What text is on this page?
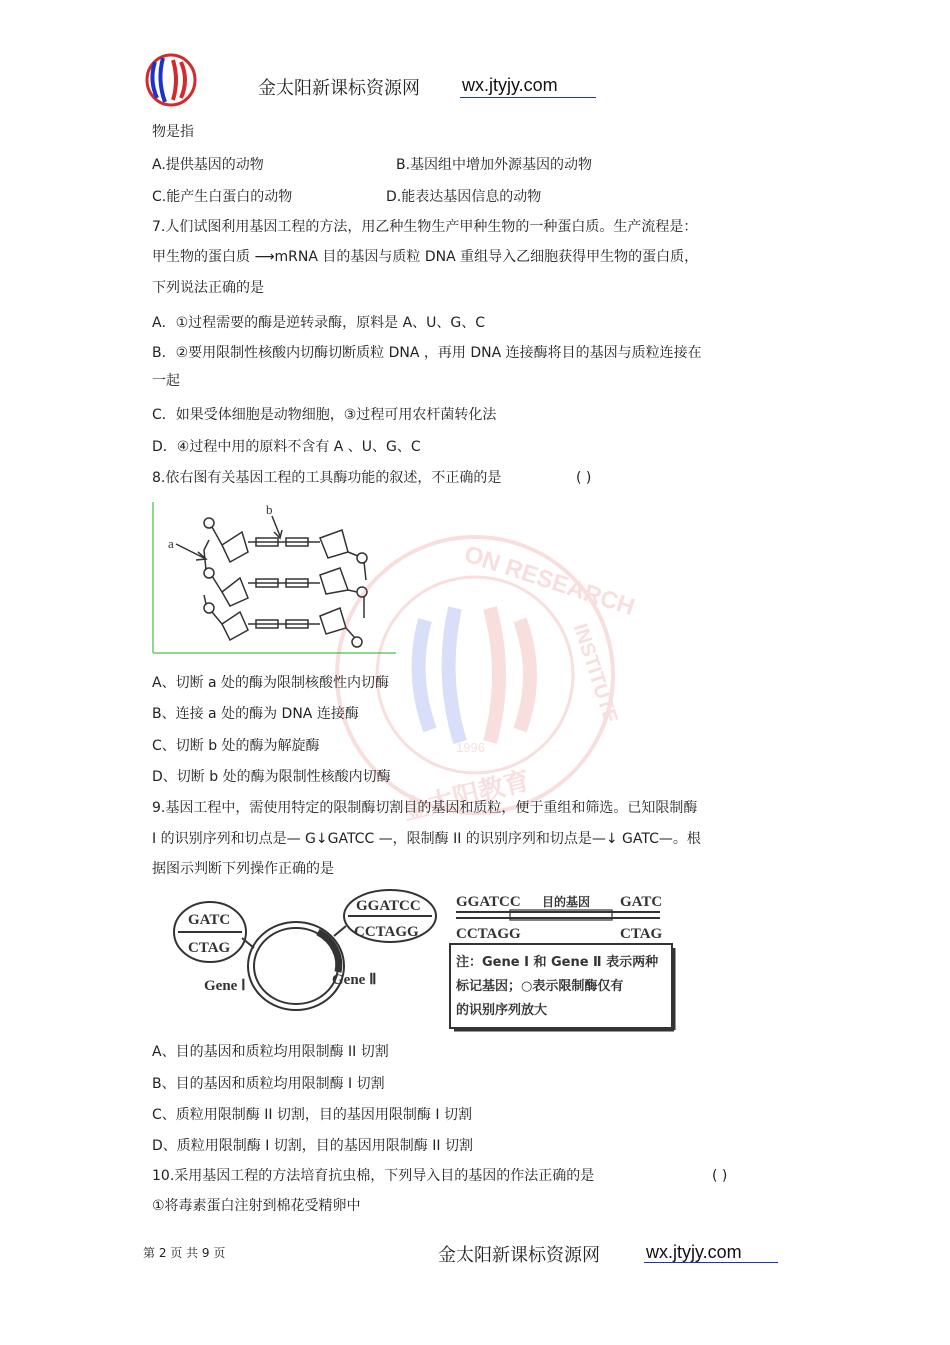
金太阳新课标资源网 wx.jtyjy.com
物是指
A.提供基因的动物	B.基因组中增加外源基因的动物
C.能产生白蛋白的动物	D.能表达基因信息的动物
7.人们试图利用基因工程的方法，用乙种生物生产甲种生物的一种蛋白质。生产流程是：
甲生物的蛋白质 ⟶mRNA 目的基因与质粒 DNA 重组导入乙细胞获得甲生物的蛋白质，
下列说法正确的是
A．①过程需要的酶是逆转录酶，原料是 A、U、G、C
B．②要用限制性核酸内切酶切断质粒 DNA ，再用 DNA 连接酶将目的基因与质粒连接在
一起
C．如果受体细胞是动物细胞，③过程可用农杆菌转化法
D．④过程中用的原料不含有 A 、U、G、C
8.依右图有关基因工程的工具酶功能的叙述，不正确的是	( )
a
b
ON RESEARCH
INSTITUTE
1996
金太阳教育
A、切断 a 处的酶为限制核酸性内切酶
B、连接 a 处的酶为 DNA 连接酶
C、切断 b 处的酶为解旋酶
D、切断 b 处的酶为限制性核酸内切酶
9.基因工程中，需使用特定的限制酶切割目的基因和质粒，便于重组和筛选。已知限制酶
I 的识别序列和切点是— G↓GATCC —，限制酶 II 的识别序列和切点是—↓ GATC—。根
据图示判断下列操作正确的是
GATC
CTAG
GGATCC
CCTAGG
Gene Ⅰ	Gene Ⅱ
GGATCC 目的基因 GATC
CCTAGG	CTAG
注：Gene Ⅰ 和 Gene Ⅱ 表示两种
标记基因；○表示限制酶仅有
的识别序列放大
A、目的基因和质粒均用限制酶 II 切割
B、目的基因和质粒均用限制酶 I 切割
C、质粒用限制酶 II 切割，目的基因用限制酶 I 切割
D、质粒用限制酶 I 切割，目的基因用限制酶 II 切割
10.采用基因工程的方法培育抗虫棉，下列导入目的基因的作法正确的是	( )
①将毒素蛋白注射到棉花受精卵中
第 2 页 共 9 页	金太阳新课标资源网	wx.jtyjy.com
